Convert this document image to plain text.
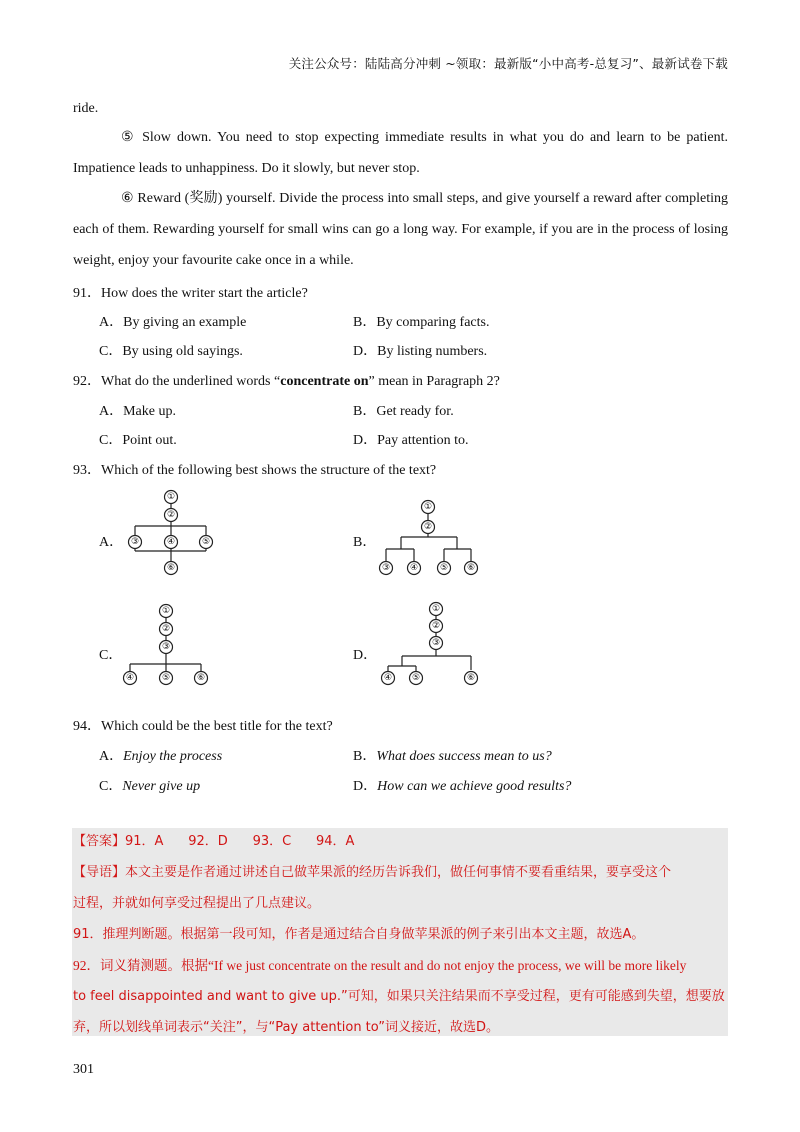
关注公众号：陆陆高分冲刺 ~领取：最新版“小中高考-总复习”、最新试卷下载
ride.
⑤ Slow down. You need to stop expecting immediate results in what you do and learn to be patient. Impatience leads to unhappiness. Do it slowly, but never stop.
⑥ Reward (奖励) yourself. Divide the process into small steps, and give yourself a reward after completing each of them. Rewarding yourself for small wins can go a long way. For example, if you are in the process of losing weight, enjoy your favourite cake once in a while.
91．How does the writer start the article?
A．By giving an example	B．By comparing facts.
C．By using old sayings.	D．By listing numbers.
92．What do the underlined words “concentrate on” mean in Paragraph 2?
A．Make up.	B．Get ready for.
C．Point out.	D．Pay attention to.
93．Which of the following best shows the structure of the text?
A．
①
②
③	④	⑤
⑥
B．
①
②
③ ④ ⑤ ⑥
C．
①
②
③
④	⑤	⑥
D．
①
②
③
④ ⑤	⑥
94．Which could be the best title for the text?
A．Enjoy the process	B．What does success mean to us?
C．Never give up	D．How can we achieve good results?
【答案】91．A      92．D      93．C      94．A
【导语】本文主要是作者通过讲述自己做苹果派的经历告诉我们，做任何事情不要看重结果，要享受这个
过程，并就如何享受过程提出了几点建议。
91．推理判断题。根据第一段可知，作者是通过结合自身做苹果派的例子来引出本文主题，故选A。
92．词义猜测题。根据“If we just concentrate on the result and do not enjoy the process, we will be more likely
to feel disappointed and want to give up.”可知，如果只关注结果而不享受过程，更有可能感到失望，想要放
弃，所以划线单词表示“关注”，与“Pay attention to”词义接近，故选D。
301
